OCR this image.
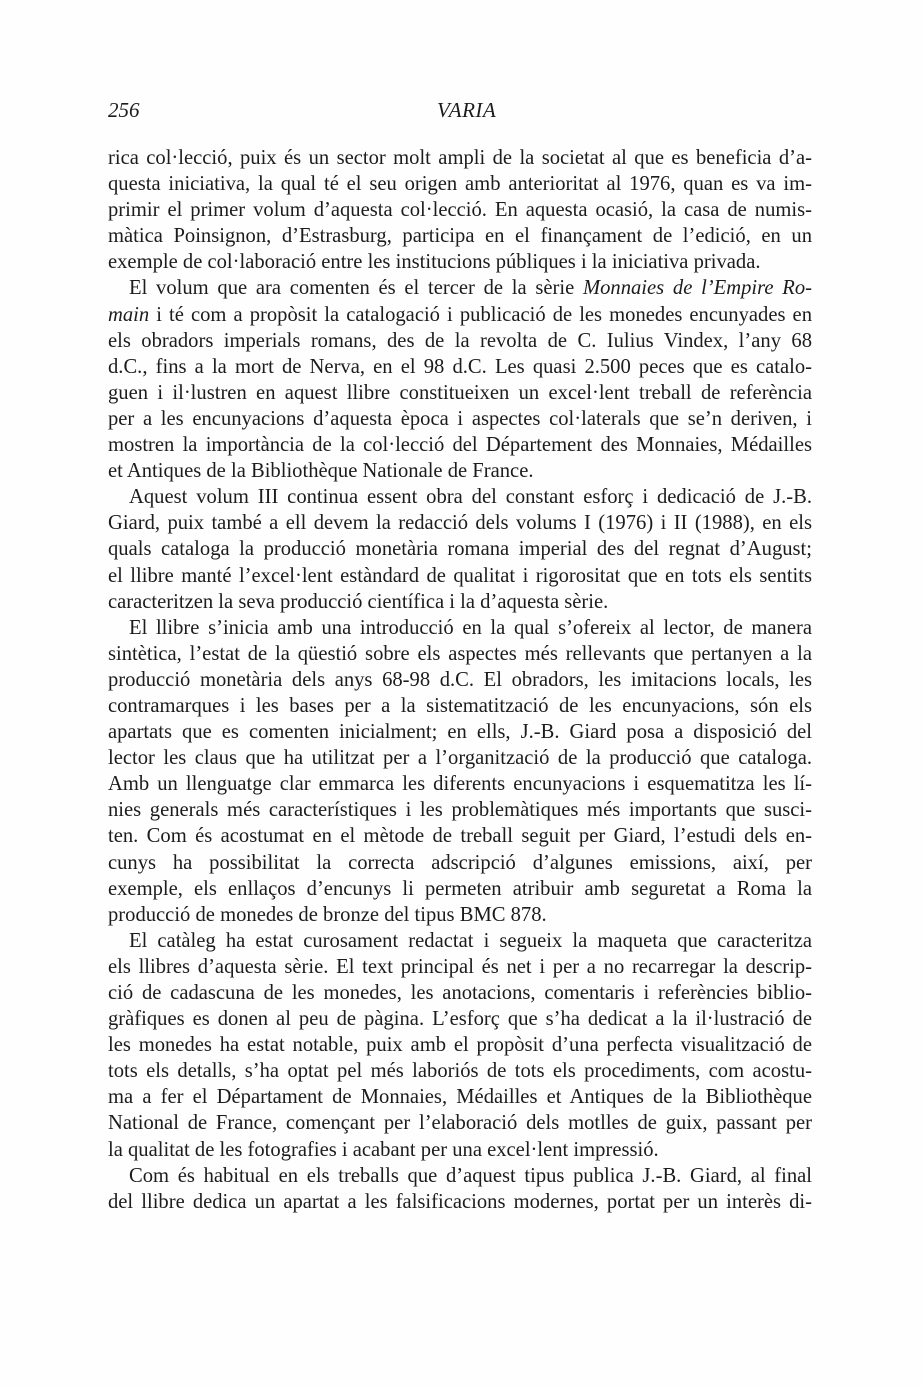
256	VARIA
rica col·lecció, puix és un sector molt ampli de la societat al que es beneficia d’a-
questa iniciativa, la qual té el seu origen amb anterioritat al 1976, quan es va im-
primir el primer volum d’aquesta col·lecció. En aquesta ocasió, la casa de numis-
màtica Poinsignon, d’Estrasburg, participa en el finançament de l’edició, en un
exemple de col·laboració entre les institucions públiques i la iniciativa privada.
El volum que ara comenten és el tercer de la sèrie Monnaies de l’Empire Ro-
main i té com a propòsit la catalogació i publicació de les monedes encunyades en
els obradors imperials romans, des de la revolta de C. Iulius Vindex, l’any 68
d.C., fins a la mort de Nerva, en el 98 d.C. Les quasi 2.500 peces que es catalo-
guen i il·lustren en aquest llibre constitueixen un excel·lent treball de referència
per a les encunyacions d’aquesta època i aspectes col·laterals que se’n deriven, i
mostren la importància de la col·lecció del Département des Monnaies, Médailles
et Antiques de la Bibliothèque Nationale de France.
Aquest volum III continua essent obra del constant esforç i dedicació de J.-B.
Giard, puix també a ell devem la redacció dels volums I (1976) i II (1988), en els
quals cataloga la producció monetària romana imperial des del regnat d’August;
el llibre manté l’excel·lent estàndard de qualitat i rigorositat que en tots els sentits
caracteritzen la seva producció científica i la d’aquesta sèrie.
El llibre s’inicia amb una introducció en la qual s’ofereix al lector, de manera
sintètica, l’estat de la qüestió sobre els aspectes més rellevants que pertanyen a la
producció monetària dels anys 68-98 d.C. El obradors, les imitacions locals, les
contramarques i les bases per a la sistematització de les encunyacions, són els
apartats que es comenten inicialment; en ells, J.-B. Giard posa a disposició del
lector les claus que ha utilitzat per a l’organització de la producció que cataloga.
Amb un llenguatge clar emmarca les diferents encunyacions i esquematitza les lí-
nies generals més característiques i les problemàtiques més importants que susci-
ten. Com és acostumat en el mètode de treball seguit per Giard, l’estudi dels en-
cunys ha possibilitat la correcta adscripció d’algunes emissions, així, per
exemple, els enllaços d’encunys li permeten atribuir amb seguretat a Roma la
producció de monedes de bronze del tipus BMC 878.
El catàleg ha estat curosament redactat i segueix la maqueta que caracteritza
els llibres d’aquesta sèrie. El text principal és net i per a no recarregar la descrip-
ció de cadascuna de les monedes, les anotacions, comentaris i referències biblio-
gràfiques es donen al peu de pàgina. L’esforç que s’ha dedicat a la il·lustració de
les monedes ha estat notable, puix amb el propòsit d’una perfecta visualització de
tots els detalls, s’ha optat pel més laboriós de tots els procediments, com acostu-
ma a fer el Départament de Monnaies, Médailles et Antiques de la Bibliothèque
National de France, començant per l’elaboració dels motlles de guix, passant per
la qualitat de les fotografies i acabant per una excel·lent impressió.
Com és habitual en els treballs que d’aquest tipus publica J.-B. Giard, al final
del llibre dedica un apartat a les falsificacions modernes, portat per un interès di-
